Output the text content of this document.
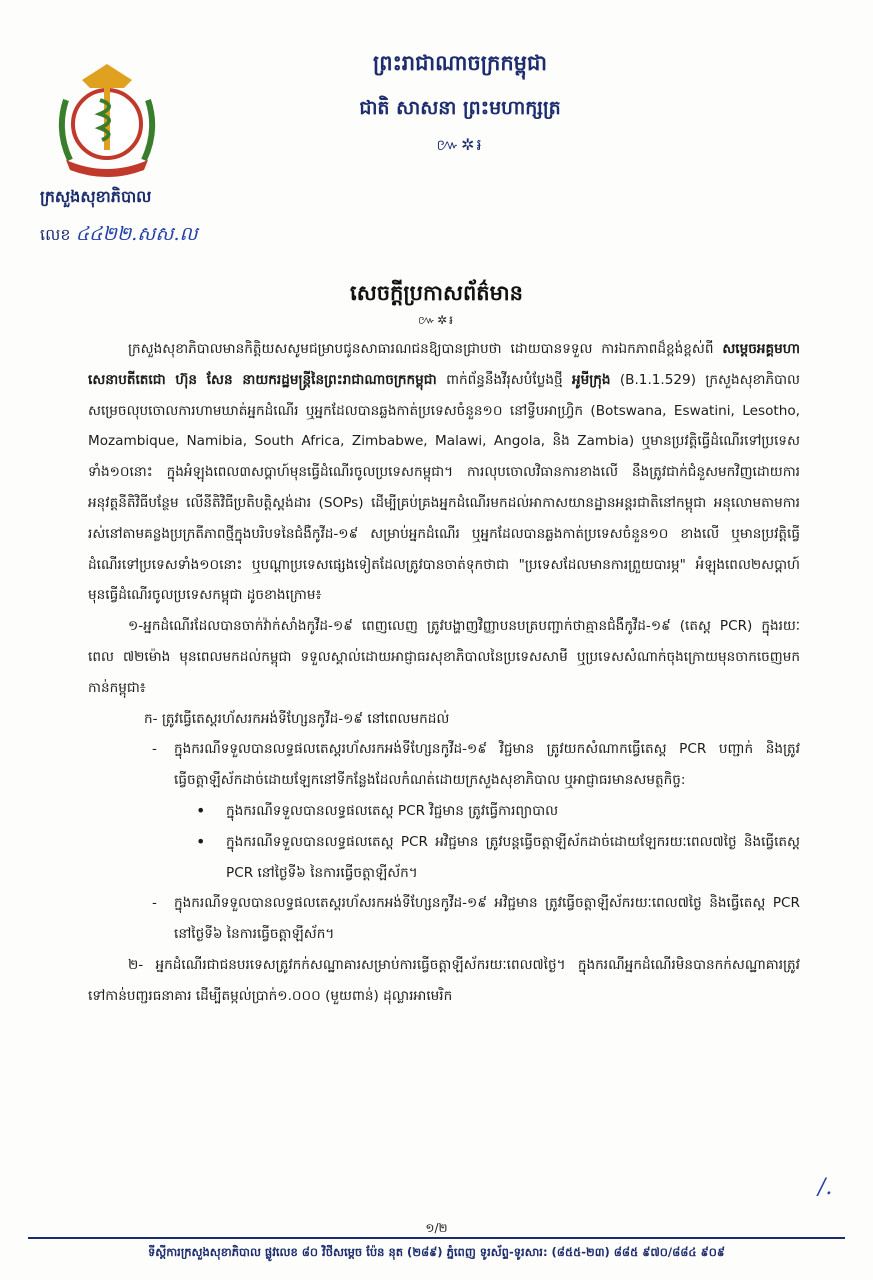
ក្រសួងសុខាភិបាល
លេខ ៤៤២២.សស.ល
ព្រះរាជាណាចក្រកម្ពុជា
ជាតិ សាសនា ព្រះមហាក្សត្រ
៚✲៛
សេចក្ដីប្រកាសព័ត៌មាន
៚✲៛

ក្រសួងសុខាភិបាលមានកិត្តិយសសូមជម្រាបជូនសាធារណជនឱ្យបានជ្រាបថា ដោយបានទទួល ការឯកភាពដ៏ខ្ពង់ខ្ពស់ពី សម្ដេចអគ្គមហាសេនាបតីតេជោ ហ៊ុន សែន នាយករដ្ឋមន្ត្រីនៃព្រះរាជាណាចក្រកម្ពុជា ពាក់ព័ន្ធនឹងវីរុសបំប្លែងថ្មី អូមីក្រុង (B.1.1.529) ក្រសួងសុខាភិបាលសម្រេចលុបចោលការហាមឃាត់អ្នកដំណើរ ឬអ្នកដែលបានឆ្លងកាត់ប្រទេសចំនួន១០ នៅទ្វីបអាហ្វ្រិក (Botswana, Eswatini, Lesotho, Mozambique, Namibia, South Africa, Zimbabwe, Malawi, Angola, និង Zambia) ឬមានប្រវត្តិធ្វើដំណើរទៅប្រទេសទាំង១០នោះ ក្នុងអំឡុងពេល៣សប្ដាហ៍មុនធ្វើដំណើរចូលប្រទេសកម្ពុជា។ ការលុបចោលវិធានការខាងលើ នឹងត្រូវជាក់ជំនួសមកវិញដោយការអនុវត្តនីតិវិធីបន្ថែម លើនីតិវិធីប្រតិបត្តិស្តង់ដារ (SOPs) ដើម្បីគ្រប់គ្រងអ្នកដំណើរមកដល់អាកាសយានដ្ឋានអន្តរជាតិនៅកម្ពុជា អនុលោមតាមការរស់នៅតាមគន្លងប្រក្រតីភាពថ្មីក្នុងបរិបទនៃជំងឺកូវីដ-១៩ សម្រាប់អ្នកដំណើរ ឬអ្នកដែលបានឆ្លងកាត់ប្រទេសចំនួន១០ ខាងលើ ឬមានប្រវត្តិធ្វើដំណើរទៅប្រទេសទាំង១០នោះ ឬបណ្ដាប្រទេសផ្សេងទៀតដែលត្រូវបានចាត់ទុកថាជា "ប្រទេសដែលមានការព្រួយបារម្ភ" អំឡុងពេល២សប្ដាហ៍មុនធ្វើដំណើរចូលប្រទេសកម្ពុជា ដូចខាងក្រោម៖

១-អ្នកដំណើរដែលបានចាក់វ៉ាក់សាំងកូវីដ-១៩ ពេញលេញ ត្រូវបង្ហាញវិញ្ញាបនបត្របញ្ជាក់ថាគ្មានជំងឺកូវីដ-១៩ (តេស្ត PCR) ក្នុងរយៈពេល ៧២ម៉ោង មុនពេលមកដល់កម្ពុជា ទទួលស្គាល់ដោយអាជ្ញាធរសុខាភិបាលនៃប្រទេសសាមី ឬប្រទេសសំណាក់ចុងក្រោយមុនចាកចេញមកកាន់កម្ពុជា៖

ក- ត្រូវធ្វើតេស្តរហ័សរកអង់ទីហ្សែនកូវីដ-១៩ នៅពេលមកដល់

-	ក្នុងករណីទទួលបានលទ្ធផលតេស្តរហ័សរកអង់ទីហ្សែនកូវីដ-១៩ វិជ្ជមាន ត្រូវយកសំណាកធ្វើតេស្ត PCR បញ្ជាក់ និងត្រូវធ្វើចត្តាឡីស័កដាច់ដោយឡែកនៅទីកន្លែងដែលកំណត់ដោយក្រសួងសុខាភិបាល ឬអាជ្ញាធរមានសមត្ថកិច្ច:
•	ក្នុងករណីទទួលបានលទ្ធផលតេស្ត PCR វិជ្ជមាន ត្រូវធ្វើការព្យាបាល
•	ក្នុងករណីទទួលបានលទ្ធផលតេស្ត PCR អវិជ្ជមាន ត្រូវបន្តធ្វើចត្តាឡីស័កដាច់ដោយឡែករយៈពេល៧ថ្ងៃ និងធ្វើតេស្ត PCR នៅថ្ងៃទី៦ នៃការធ្វើចត្តាឡីស័ក។
-	ក្នុងករណីទទួលបានលទ្ធផលតេស្តរហ័សរកអង់ទីហ្សែនកូវីដ-១៩ អវិជ្ជមាន ត្រូវធ្វើចត្តាឡីស័ករយៈពេល៧ថ្ងៃ និងធ្វើតេស្ត PCR នៅថ្ងៃទី៦ នៃការធ្វើចត្តាឡីស័ក។

២- អ្នកដំណើរជាជនបរទេសត្រូវកក់សណ្ឋាគារសម្រាប់ការធ្វើចត្តាឡីស័ករយៈពេល៧ថ្ងៃ។ ក្នុងករណីអ្នកដំណើរមិនបានកក់សណ្ឋាគារត្រូវទៅកាន់បញ្ជរធនាគារ ដើម្បីតម្កល់ប្រាក់១.០០០ (មួយពាន់) ដុល្លារអាមេរិក

/.
១/២
ទីស្ដីការក្រសួងសុខាភិបាល ផ្លូវលេខ ៨០ វិថីសម្ដេច ប៉ែន នុត (២៨៩) ភ្នំពេញ ទូរស័ព្ទ-ទូរសារ: (៨៥៥-២៣) ៨៨៥ ៩៧០/៨៨៤ ៩០៩
